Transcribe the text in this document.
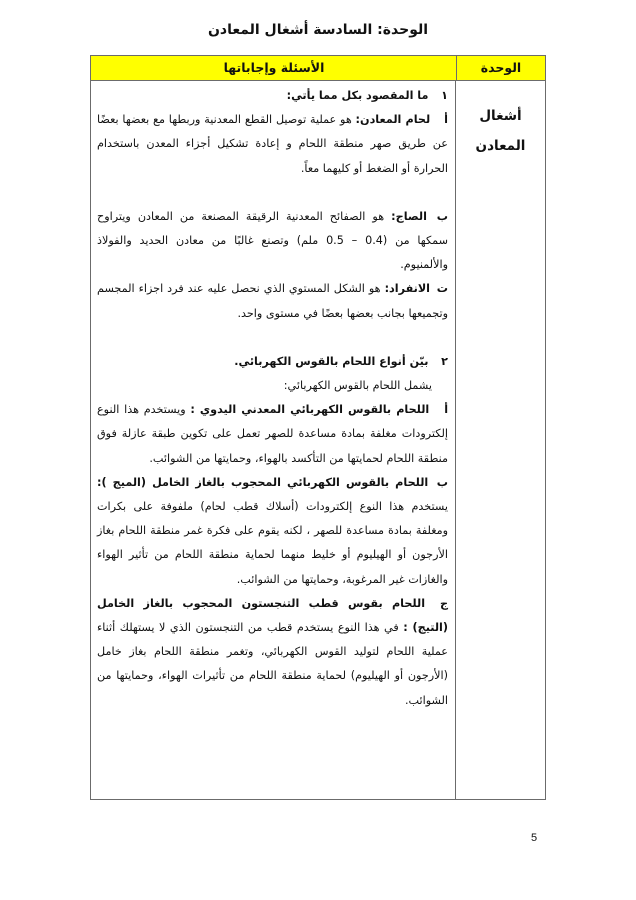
الوحدة: السادسة أشغال المعادن
الوحدة
الأسئلة وإجاباتها
أشغال
المعادن

١ ما المقصود بكل مما يأتي:

أ لحام المعادن: هو عملية توصيل القطع المعدنية وربطها مع بعضها بعضًا عن طريق صهر منطقة اللحام و إعادة تشكيل أجزاء المعدن باستخدام الحرارة أو الضغط أو كليهما معاً.

ب الصاج: هو الصفائح المعدنية الرقيقة المصنعة من المعادن ويتراوح سمكها من (0.4 – 0.5 ملم) وتصنع غالبًا من معادن الحديد والفولاذ والألمنيوم.

ت الانفراد: هو الشكل المستوي الذي نحصل عليه عند فرد اجزاء المجسم وتجميعها بجانب بعضها بعضًا في مستوى واحد.

٢ بيّن أنواع اللحام بالقوس الكهربائي.

يشمل اللحام بالقوس الكهربائي:

أ اللحام بالقوس الكهربائي المعدني اليدوي : ويستخدم هذا النوع إلكترودات مغلفة بمادة مساعدة للصهر تعمل على تكوين طبقة عازلة فوق منطقة اللحام لحمايتها من التأكسد بالهواء، وحمايتها من الشوائب.

ب اللحام بالقوس الكهربائي المحجوب بالغاز الخامل (الميج ): يستخدم هذا النوع إلكترودات (أسلاك قطب لحام) ملفوفة على بكرات ومغلفة بمادة مساعدة للصهر ، لكنه يقوم على فكرة غمر منطقة اللحام بغاز الأرجون أو الهيليوم أو خليط منهما لحماية منطقة اللحام من تأثير الهواء والغازات غير المرغوبة، وحمايتها من الشوائب.

ج اللحام بقوس قطب التنجستون المحجوب بالغاز الخامل (التيج) : في هذا النوع يستخدم قطب من التنجستون الذي لا يستهلك أثناء عملية اللحام لتوليد القوس الكهربائي، وتغمر منطقة اللحام بغاز خامل (الأرجون أو الهيليوم) لحماية منطقة اللحام من تأثيرات الهواء، وحمايتها من الشوائب.

5
